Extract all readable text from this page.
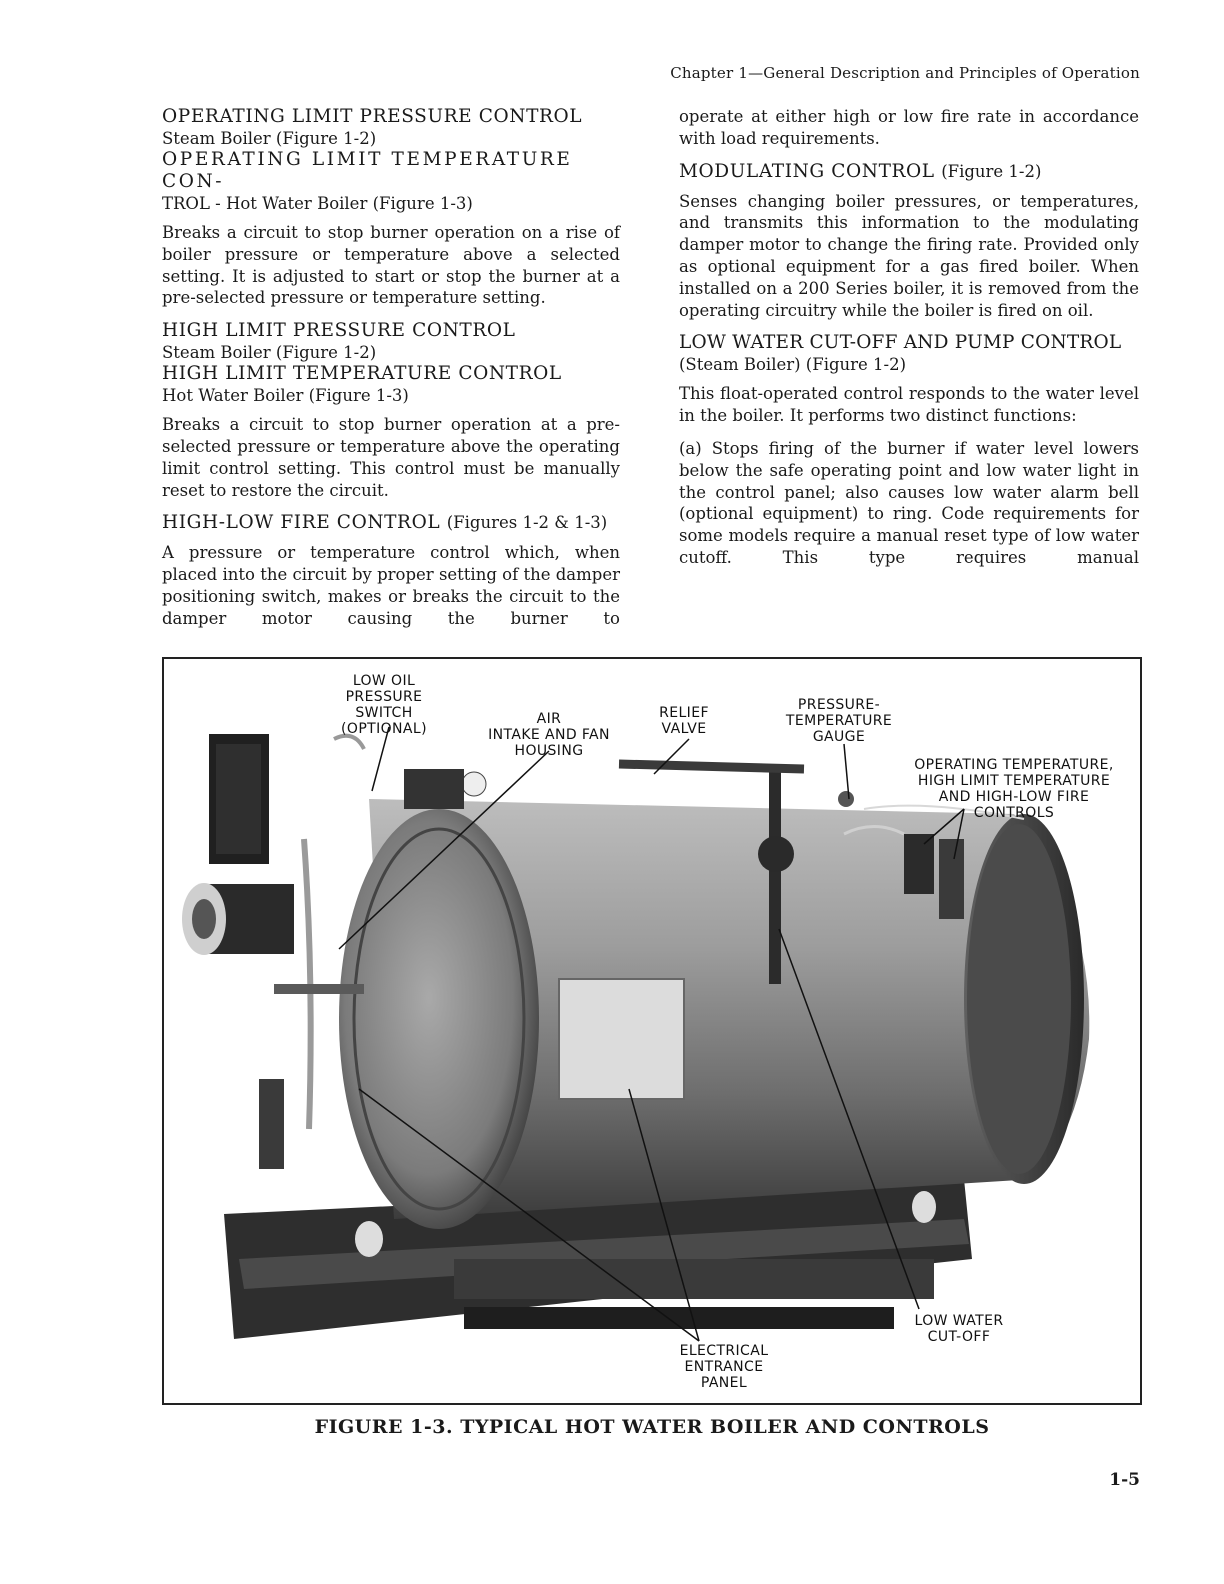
Chapter 1—General Description and Principles of Operation

OPERATING LIMIT PRESSURE CONTROL

Steam Boiler (Figure 1-2)

OPERATING LIMIT TEMPERATURE CON-

TROL - Hot Water Boiler (Figure 1-3)

Breaks a circuit to stop burner operation on a rise of boiler pressure or temperature above a selected setting. It is adjusted to start or stop the burner at a pre-selected pressure or temperature setting.

HIGH LIMIT PRESSURE CONTROL

Steam Boiler (Figure 1-2)

HIGH LIMIT TEMPERATURE CONTROL

Hot Water Boiler (Figure 1-3)

Breaks a circuit to stop burner operation at a pre-selected pressure or temperature above the operating limit control setting. This control must be manually reset to restore the circuit.

HIGH-LOW FIRE CONTROL (Figures 1-2 & 1-3)

A pressure or temperature control which, when placed into the circuit by proper setting of the damper positioning switch, makes or breaks the circuit to the damper motor causing the burner to

operate at either high or low fire rate in accordance with load requirements.

MODULATING CONTROL (Figure 1-2)

Senses changing boiler pressures, or temperatures, and transmits this information to the modulating damper motor to change the firing rate. Provided only as optional equipment for a gas fired boiler. When installed on a 200 Series boiler, it is removed from the operating circuitry while the boiler is fired on oil.

LOW WATER CUT-OFF AND PUMP CONTROL

(Steam Boiler) (Figure 1-2)

This float-operated control responds to the water level in the boiler. It performs two distinct functions:

(a) Stops firing of the burner if water level lowers below the safe operating point and low water light in the control panel; also causes low water alarm bell (optional equipment) to ring. Code requirements for some models require a manual reset type of low water cutoff. This type requires manual

LOW OIL
PRESSURE
SWITCH
(OPTIONAL)
AIR
INTAKE AND FAN
HOUSING
RELIEF
VALVE
PRESSURE-
TEMPERATURE
GAUGE
OPERATING TEMPERATURE,
HIGH LIMIT TEMPERATURE
AND HIGH-LOW FIRE
CONTROLS
LOW WATER
CUT-OFF
ELECTRICAL
ENTRANCE
PANEL
FIGURE 1-3. TYPICAL HOT WATER BOILER AND CONTROLS
1-5
